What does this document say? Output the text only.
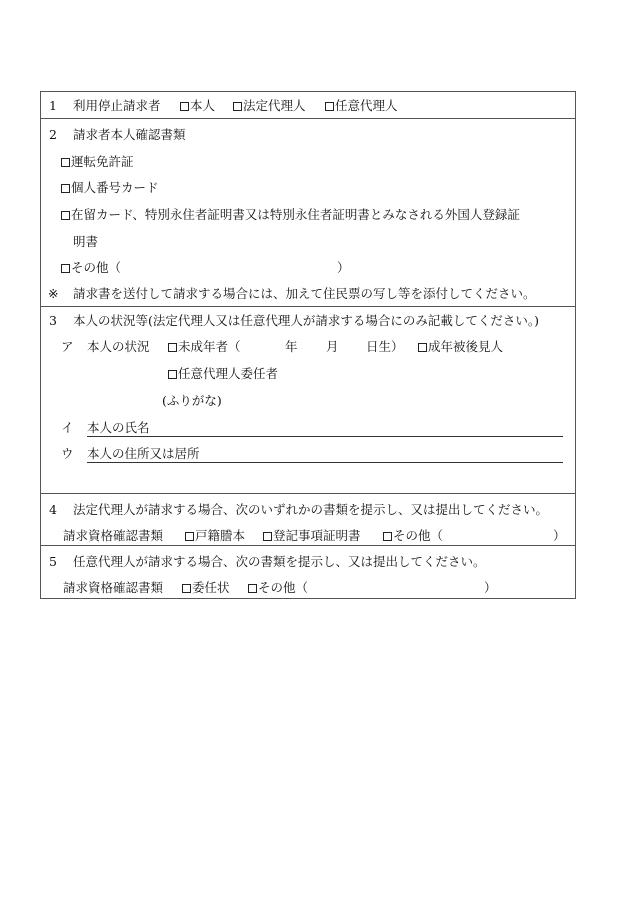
1 利用停止請求者	本人	法定代理人	任意代理人
2 請求者本人確認書類
運転免許証
個人番号カード
在留カード、特別永住者証明書又は特別永住者証明書とみなされる外国人登録証
明書
その他（	）
※ 請求書を送付して請求する場合には、加えて住民票の写し等を添付してください。
3 本人の状況等(法定代理人又は任意代理人が請求する場合にのみ記載してください。)
ア 本人の状況	未成年者（	年 月 日生）	成年被後見人
任意代理人委任者
(ふりがな)
イ 本人の氏名
ウ 本人の住所又は居所
4 法定代理人が請求する場合、次のいずれかの書類を提示し、又は提出してください。
請求資格確認書類	戸籍謄本	登記事項証明書	その他（	）
5 任意代理人が請求する場合、次の書類を提示し、又は提出してください。
請求資格確認書類	委任状	その他（	）
